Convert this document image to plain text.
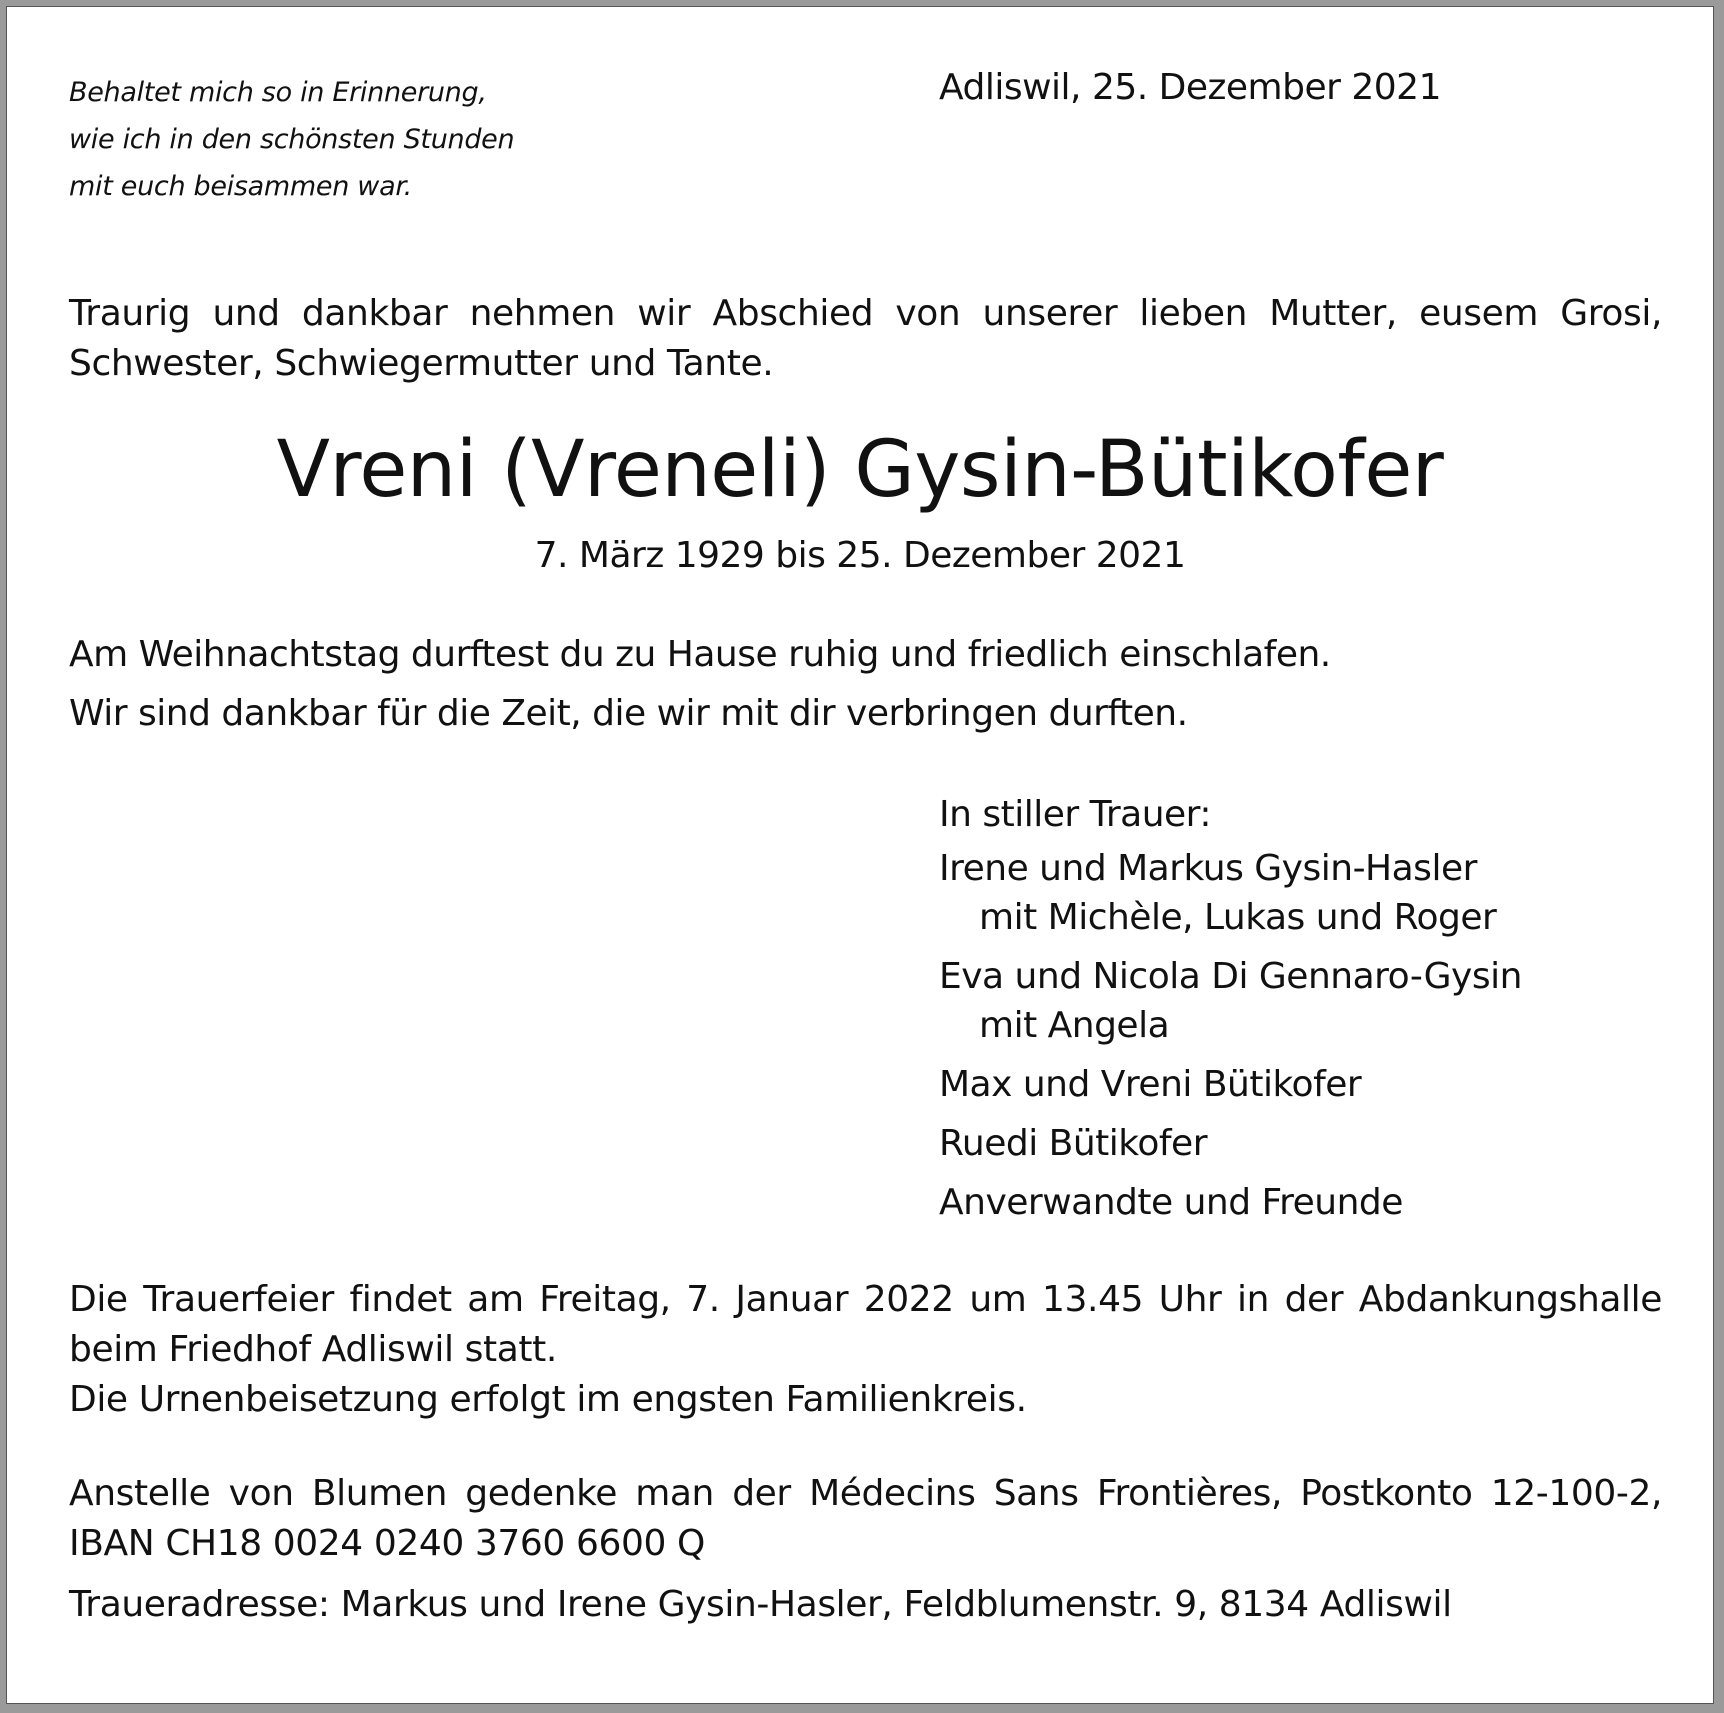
Behaltet mich so in Erinnerung,
wie ich in den schönsten Stunden
mit euch beisammen war.
Adliswil, 25. Dezember 2021
Traurig und dankbar nehmen wir Abschied von unserer lieben Mutter, eusem Grosi,
Schwester, Schwiegermutter und Tante.
Vreni (Vreneli) Gysin-Bütikofer
7. März 1929 bis 25. Dezember 2021
Am Weihnachtstag durftest du zu Hause ruhig und friedlich einschlafen.
Wir sind dankbar für die Zeit, die wir mit dir verbringen durften.
In stiller Trauer:
Irene und Markus Gysin-Hasler
mit Michèle, Lukas und Roger
Eva und Nicola Di Gennaro-Gysin
mit Angela
Max und Vreni Bütikofer
Ruedi Bütikofer
Anverwandte und Freunde
Die Trauerfeier findet am Freitag, 7. Januar 2022 um 13.45 Uhr in der Abdankungshalle
beim Friedhof Adliswil statt.
Die Urnenbeisetzung erfolgt im engsten Familienkreis.
Anstelle von Blumen gedenke man der Médecins Sans Frontières, Postkonto 12-100-2,
IBAN CH18 0024 0240 3760 6600 Q
Traueradresse: Markus und Irene Gysin-Hasler, Feldblumenstr. 9, 8134 Adliswil
